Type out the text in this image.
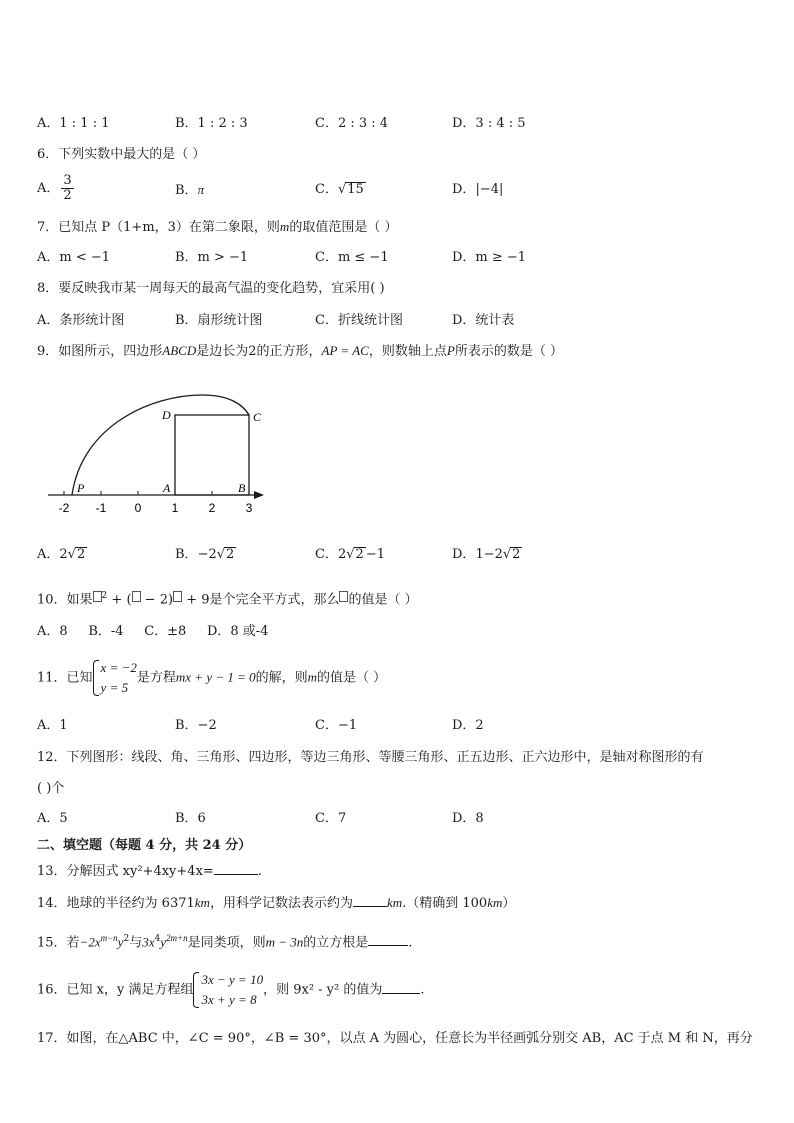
A．1 : 1 : 1	B．1 : 2 : 3	C．2 : 3 : 4	D．3 : 4 : 5
6．下列实数中最大的是（ ）
A． $\frac{3}{2}$	B．π	C．√15	D．|−4|
7．已知点 P（1+m，3）在第二象限，则m的取值范围是（ ）
A．m < −1	B．m > −1	C．m ≤ −1	D．m ≥ −1
8．要反映我市某一周每天的最高气温的变化趋势，宜采用( )
A．条形统计图	B．扇形统计图	C．折线统计图	D．统计表
9．如图所示，四边形ABCD是边长为2的正方形，AP = AC，则数轴上点P所表示的数是（ ）
D	C
A	B
P
-2 -1 0	1	2	3
A．2√2	B．−2√2	C．2√2 −1	D．1−2√2
10．如果 $^2$ + ( − 2) + 9是个完全平方式，那么 的值是（ ）
A．8     B．-4     C．±8     D．8 或-4
11．已知
x = −2
y = 5
是方程mx + y − 1 = 0的解，则m的值是（ ）
A．1	B．−2	C．−1	D．2
12．下列图形：线段、角、三角形、四边形，等边三角形、等腰三角形、正五边形、正六边形中，是轴对称图形的有
( )个
A．5	B．6	C．7	D．8
二、填空题（每题 4 分，共 24 分）
13．分解因式 xy²+4xy+4x=	.
14．地球的半径约为 6371km，用科学记数法表示约为	km.（精确到 100km）
15．若$-2x^{m-n}y^2$与$3x^4y^{2m+n}$是同类项，则m − 3n的立方根是	.
16．已知 x，y 满足方程组
3x − y = 10
3x + y = 8
，则 9x² - y² 的值为	.
17．如图，在△ABC 中，∠C = 90°，∠B = 30°，以点 A 为圆心，任意长为半径画弧分别交 AB，AC 于点 M 和 N，再分
